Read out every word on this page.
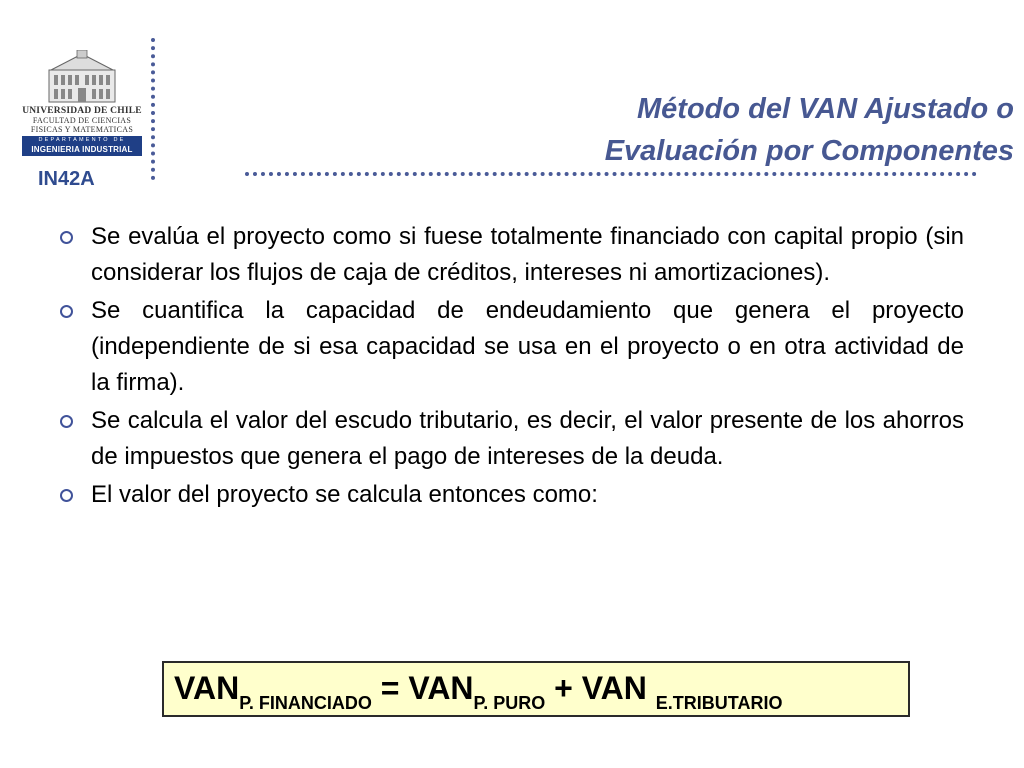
UNIVERSIDAD DE CHILE
FACULTAD DE CIENCIAS
FISICAS Y MATEMATICAS
DEPARTAMENTO DE
INGENIERIA INDUSTRIAL
IN42A
Método del VAN Ajustado o
Evaluación por Componentes
Se evalúa el proyecto como si fuese totalmente financiado con capital propio (sin considerar los flujos de caja de créditos, intereses ni amortizaciones).
Se cuantifica la capacidad de endeudamiento que genera el proyecto (independiente de si esa capacidad se usa en el proyecto o en otra actividad de la firma).
Se calcula el valor del escudo tributario, es decir, el valor presente de los ahorros de impuestos que genera el pago de intereses de la deuda.
El valor del proyecto se calcula entonces como:
$VAN_{P. FINANCIADO} = VAN_{P. PURO}$ + VAN $_{E.TRIBUTARIO}$
